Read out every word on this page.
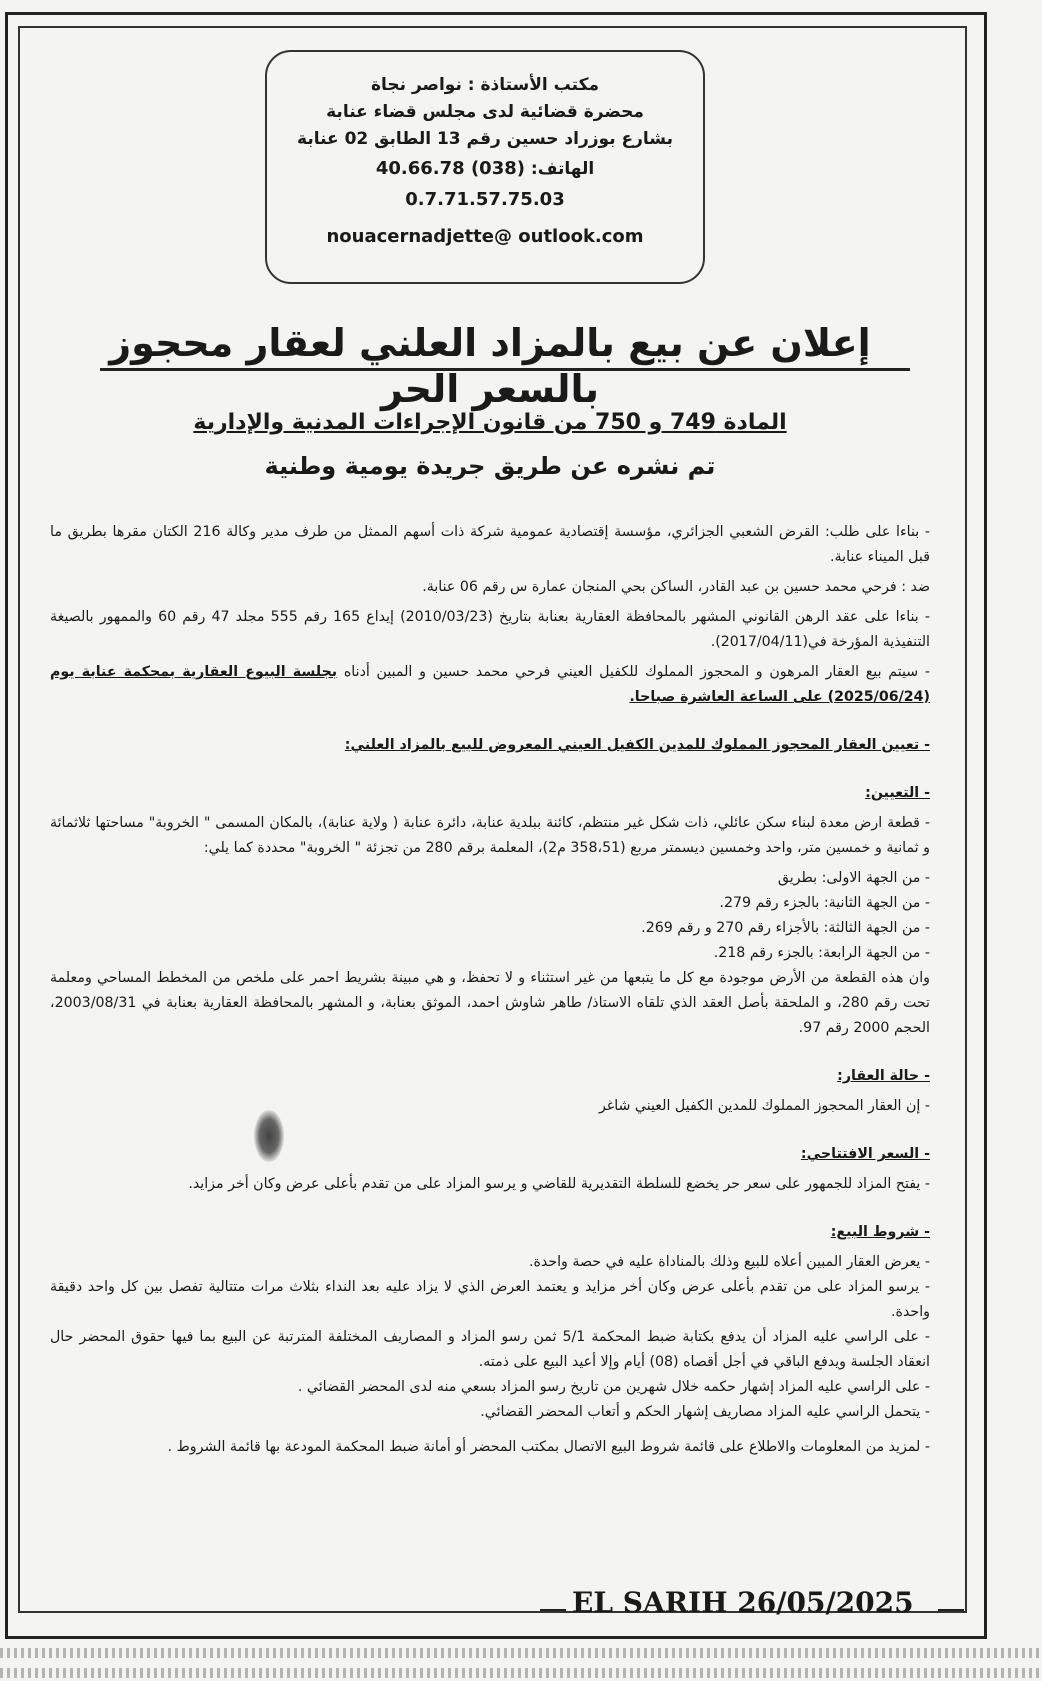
مكتب الأستاذة : نواصر نجاة
محضرة قضائية لدى مجلس قضاء عنابة
بشارع بوزراد حسين رقم 13 الطابق 02 عنابة
الهاتف: (038) 40.66.78
0.7.71.57.75.03
nouacernadjette@ outlook.com
إعلان عن بيع بالمزاد العلني لعقار محجوز بالسعر الحر
المادة 749 و 750 من قانون الإجراءات المدنية والإدارية
تم نشره عن طريق جريدة يومية وطنية

- بناءا على طلب: القرض الشعبي الجزائري، مؤسسة إقتصادية عمومية شركة ذات أسهم الممثل من طرف مدير وكالة 216 الكتان مقرها بطريق ما قبل الميناء عنابة.

ضد : فرحي محمد حسين بن عبد القادر، الساكن بحي المنجان عمارة س رقم 06 عنابة.

- بناءا على عقد الرهن القانوني المشهر بالمحافظة العقارية بعنابة بتاريخ (2010/03/23) إيداع 165 رقم 555 مجلد 47 رقم 60 والممهور بالصيغة التنفيذية المؤرخة في(2017/04/11).

- سيتم بيع العقار المرهون و المحجوز المملوك للكفيل العيني فرحي محمد حسين و المبين أدناه بجلسة البيوع العقارية بمحكمة عنابة يوم (2025/06/24) على الساعة العاشرة صباحا.

- تعيين العقار المحجوز المملوك للمدين الكفيل العيني المعروض للبيع بالمزاد العلني:

- التعيين:

- قطعة ارض معدة لبناء سكن عائلي، ذات شكل غير منتظم، كائنة ببلدية عنابة، دائرة عنابة ( ولاية عنابة)، بالمكان المسمى " الخروبة" مساحتها ثلاثمائة و ثمانية و خمسين متر، واحد وخمسين ديسمتر مربع (358،51 م2)، المعلمة برقم 280 من تجزئة " الخروبة" محددة كما يلي:

- من الجهة الاولى: بطريق

- من الجهة الثانية: بالجزء رقم 279.

- من الجهة الثالثة: بالأجزاء رقم 270 و رقم 269.

- من الجهة الرابعة: بالجزء رقم 218.

وان هذه القطعة من الأرض موجودة مع كل ما يتبعها من غير استثناء و لا تحفظ، و هي مبينة بشريط احمر على ملخص من المخطط المساحي ومعلمة تحت رقم 280، و الملحقة بأصل العقد الذي تلقاه الاستاذ/ طاهر شاوش احمد، الموثق بعنابة، و المشهر بالمحافظة العقارية بعنابة في 2003/08/31، الحجم 2000 رقم 97.

- حالة العقار:

- إن العقار المحجوز المملوك للمدين الكفيل العيني شاغر

- السعر الافتتاحي:

- يفتح المزاد للجمهور على سعر حر يخضع للسلطة التقديرية للقاضي و يرسو المزاد على من تقدم بأعلى عرض وكان أخر مزايد.

- شروط البيع:

- يعرض العقار المبين أعلاه للبيع وذلك بالمناداة عليه في حصة واحدة.

- يرسو المزاد على من تقدم بأعلى عرض وكان أخر مزايد و يعتمد العرض الذي لا يزاد عليه بعد النداء بثلاث مرات متتالية تفصل بين كل واحد دقيقة واحدة.

- على الراسي عليه المزاد أن يدفع بكتابة ضبط المحكمة 5/1 ثمن رسو المزاد و المصاريف المختلفة المترتبة عن البيع بما فيها حقوق المحضر حال انعقاد الجلسة ويدفع الباقي في أجل أقصاه (08) أيام وإلا أعيد البيع على ذمته.

- على الراسي عليه المزاد إشهار حكمه خلال شهرين من تاريخ رسو المزاد بسعي منه لدى المحضر القضائي .

- يتحمل الراسي عليه المزاد مصاريف إشهار الحكم و أتعاب المحضر القضائي.

- لمزيد من المعلومات والاطلاع على قائمة شروط البيع الاتصال بمكتب المحضر أو أمانة ضبط المحكمة المودعة بها قائمة الشروط .

EL SARIH 26/05/2025
